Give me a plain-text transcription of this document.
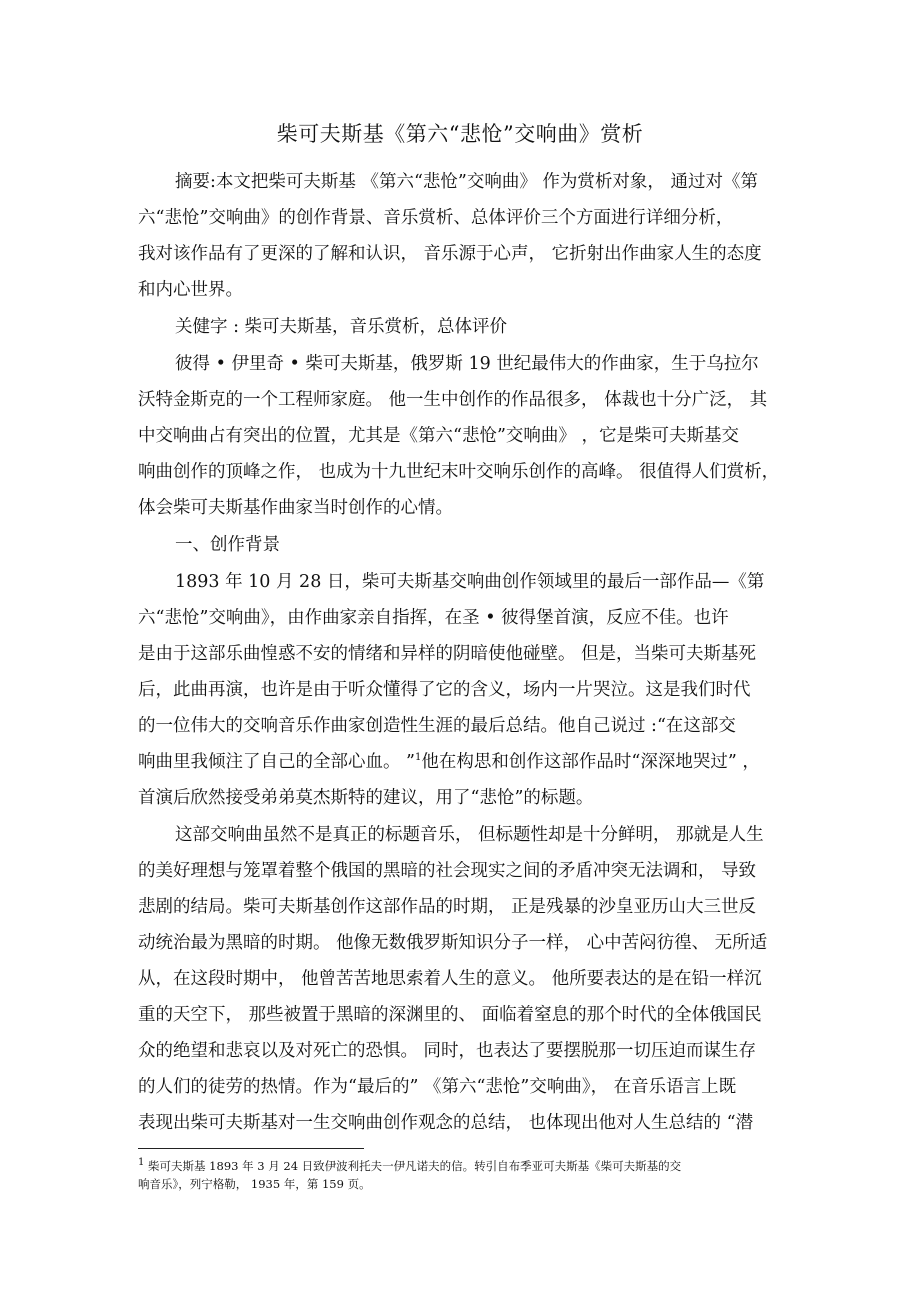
柴可夫斯基《第六“悲怆”交响曲》赏析
摘要:本文把柴可夫斯基 《第六“悲怆”交响曲》 作为赏析对象， 通过对《第
六“悲怆”交响曲》的创作背景、音乐赏析、总体评价三个方面进行详细分析，
我对该作品有了更深的了解和认识， 音乐源于心声， 它折射出作曲家人生的态度
和内心世界。
关健字 : 柴可夫斯基，音乐赏析，总体评价
彼得 • 伊里奇 • 柴可夫斯基，俄罗斯 19 世纪最伟大的作曲家，生于乌拉尔
沃特金斯克的一个工程师家庭。 他一生中创作的作品很多， 体裁也十分广泛， 其
中交响曲占有突出的位置，尤其是《第六“悲怆”交响曲》 ，它是柴可夫斯基交
响曲创作的顶峰之作， 也成为十九世纪末叶交响乐创作的高峰。 很值得人们赏析，
体会柴可夫斯基作曲家当时创作的心情。
一、创作背景
1893 年 10 月 28 日，柴可夫斯基交响曲创作领域里的最后一部作品—《第
六“悲怆”交响曲》，由作曲家亲自指挥，在圣 • 彼得堡首演，反应不佳。也许
是由于这部乐曲惶惑不安的情绪和异样的阴暗使他碰壁。 但是，当柴可夫斯基死
后，此曲再演，也许是由于听众懂得了它的含义，场内一片哭泣。这是我们时代
的一位伟大的交响音乐作曲家创造性生涯的最后总结。他自己说过 :“在这部交
响曲里我倾注了自己的全部心血。 ”$^1$他在构思和创作这部作品时“深深地哭过” ，
首演后欣然接受弟弟莫杰斯特的建议，用了“悲怆”的标题。
这部交响曲虽然不是真正的标题音乐， 但标题性却是十分鲜明， 那就是人生
的美好理想与笼罩着整个俄国的黑暗的社会现实之间的矛盾冲突无法调和， 导致
悲剧的结局。柴可夫斯基创作这部作品的时期， 正是残暴的沙皇亚历山大三世反
动统治最为黑暗的时期。 他像无数俄罗斯知识分子一样， 心中苦闷彷徨、 无所适
从，在这段时期中， 他曾苦苦地思索着人生的意义。 他所要表达的是在铅一样沉
重的天空下， 那些被置于黑暗的深渊里的、 面临着窒息的那个时代的全体俄国民
众的绝望和悲哀以及对死亡的恐惧。 同时，也表达了要摆脱那一切压迫而谋生存
的人们的徒劳的热情。作为“最后的” 《第六“悲怆”交响曲》， 在音乐语言上既
表现出柴可夫斯基对一生交响曲创作观念的总结， 也体现出他对人生总结的 “潜
$^1$ 柴可夫斯基 1893 年 3 月 24 日致伊波利托夫一伊凡诺夫的信。转引自布季亚可夫斯基《柴可夫斯基的交
响音乐》，列宁格勒， 1935 年，第 159 页。
